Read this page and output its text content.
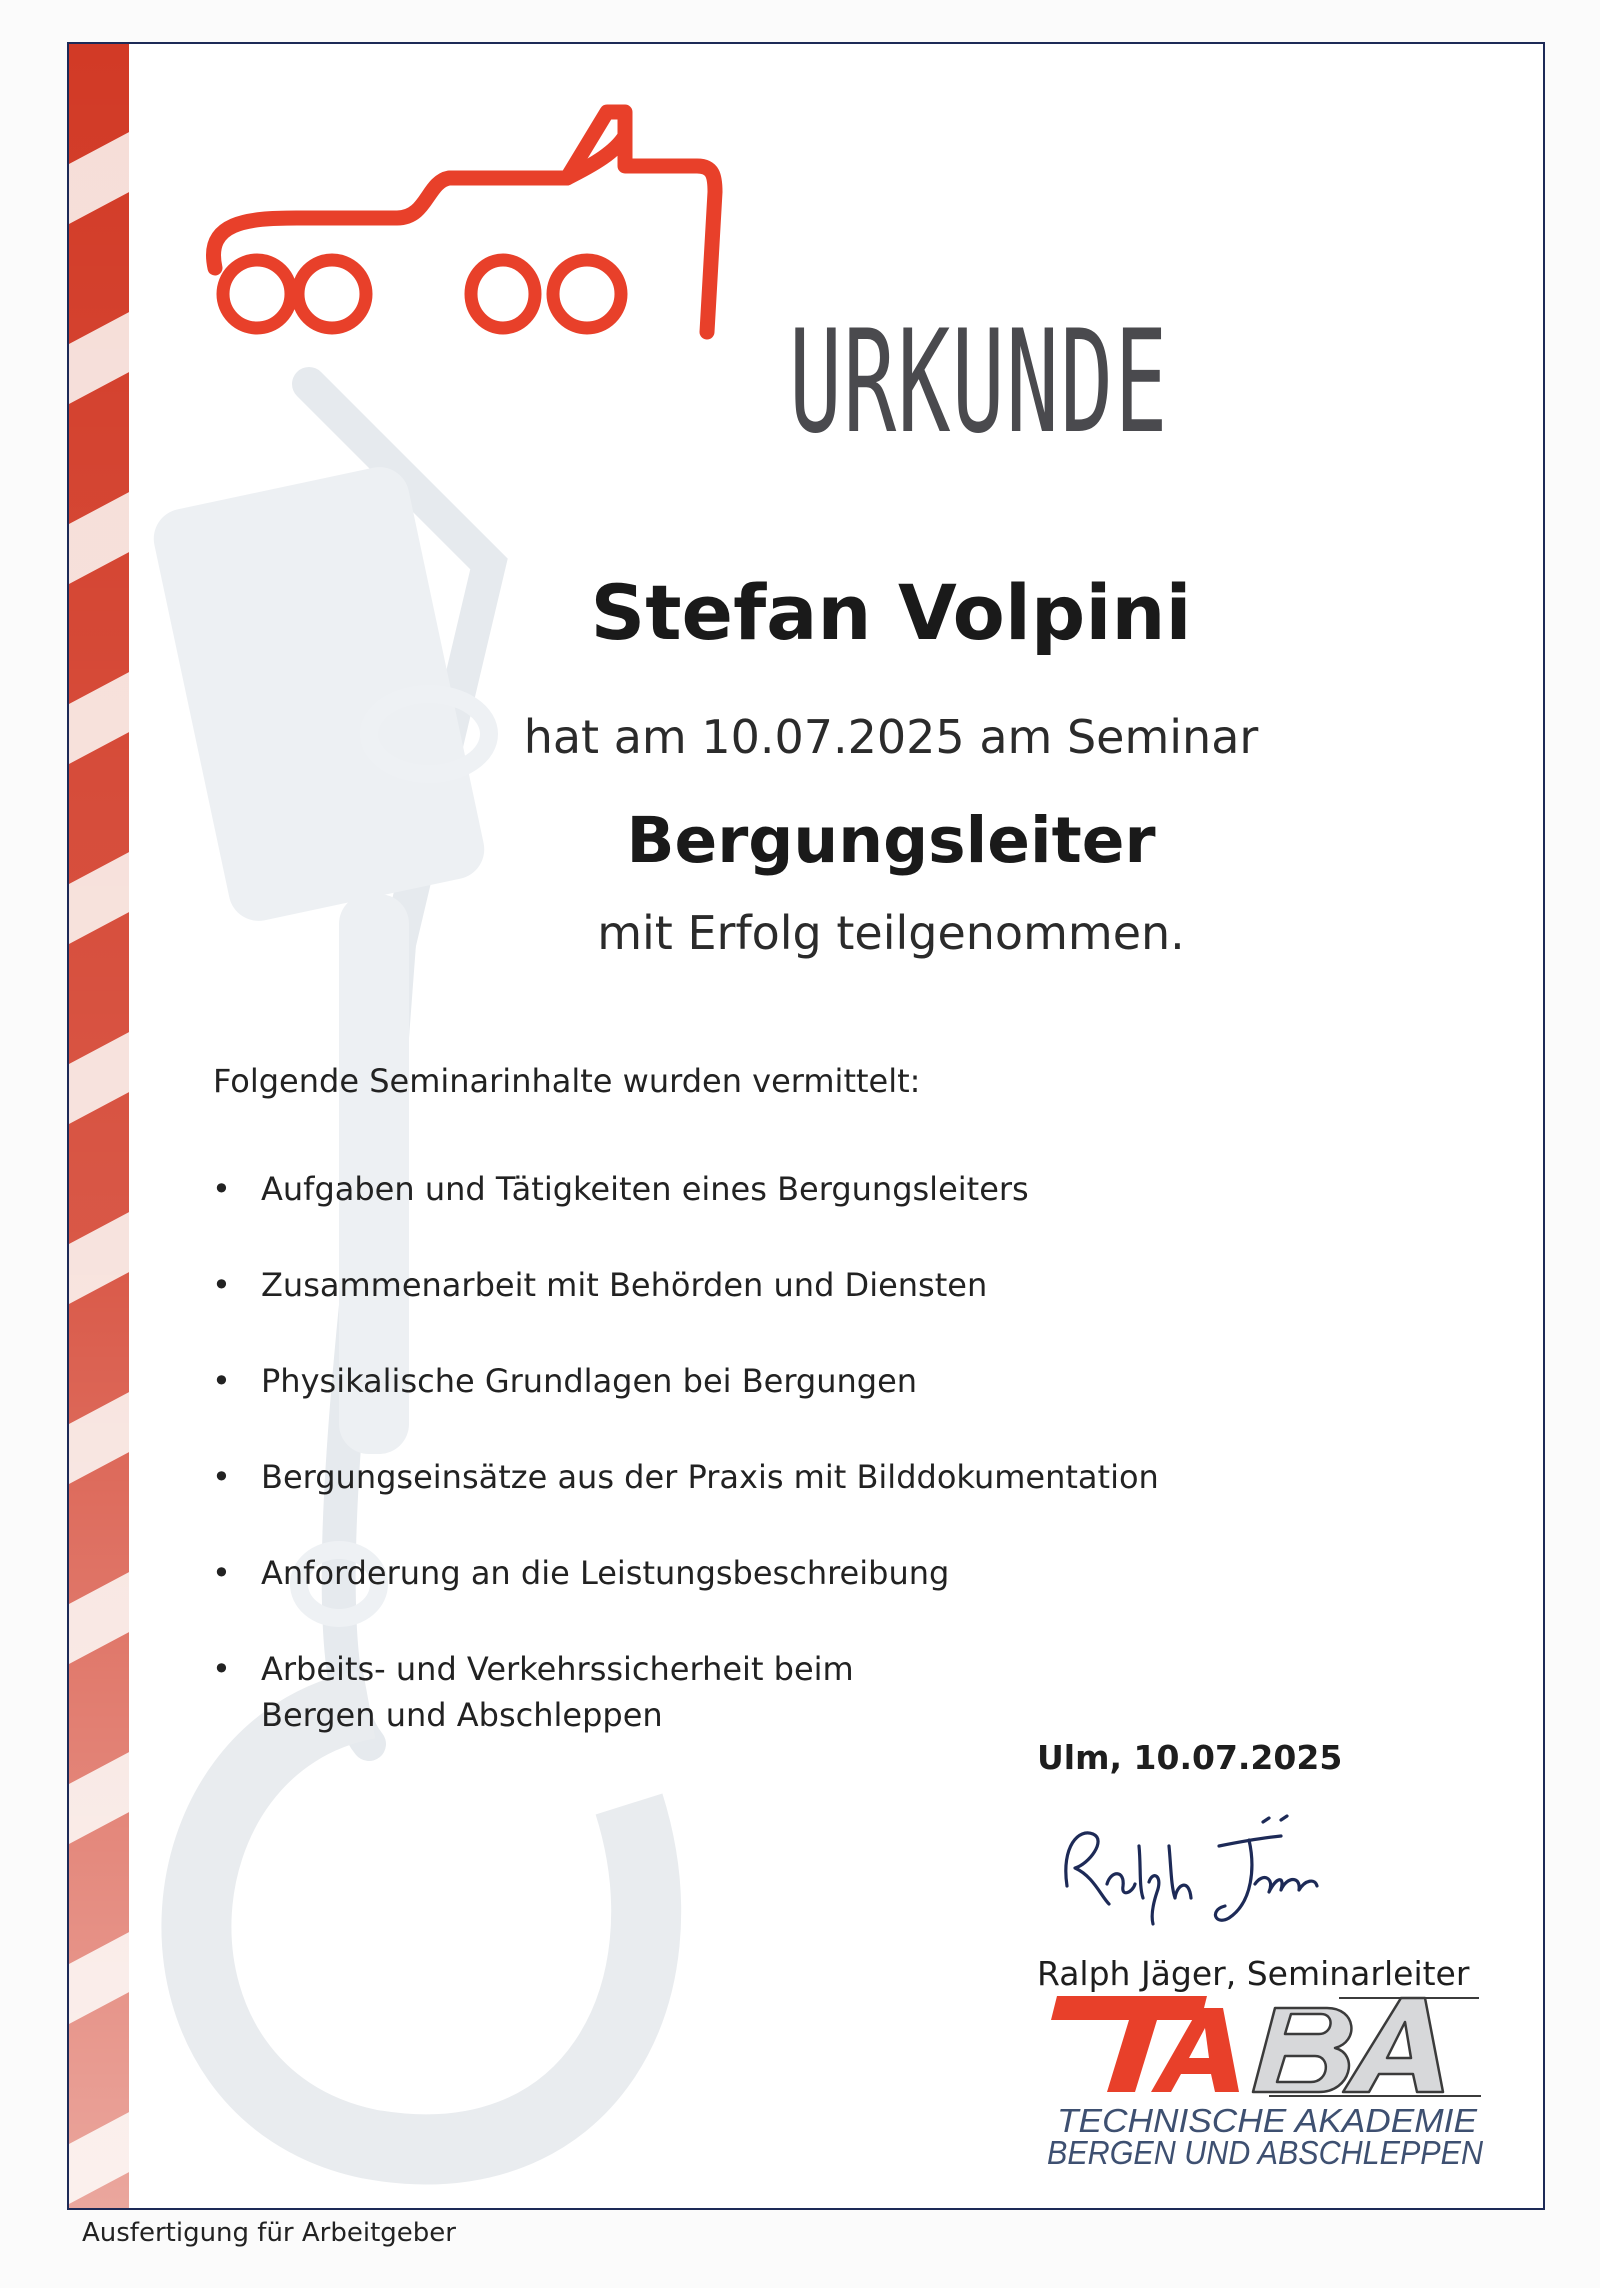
URKUNDE
Stefan Volpini
hat am 10.07.2025 am Seminar
Bergungsleiter
mit Erfolg teilgenommen.
Folgende Seminarinhalte wurden vermittelt:
• Aufgaben und Tätigkeiten eines Bergungsleiters
• Zusammenarbeit mit Behörden und Diensten
• Physikalische Grundlagen bei Bergungen
• Bergungseinsätze aus der Praxis mit Bilddokumentation
• Anforderung an die Leistungsbeschreibung
• Arbeits- und Verkehrssicherheit beim
Bergen und Abschleppen
Ulm, 10.07.2025
Ralph Jäger
Ralph Jäger, Seminarleiter
TECHNISCHE AKADEMIE
BERGEN UND ABSCHLEPPEN
Ausfertigung für Arbeitgeber
